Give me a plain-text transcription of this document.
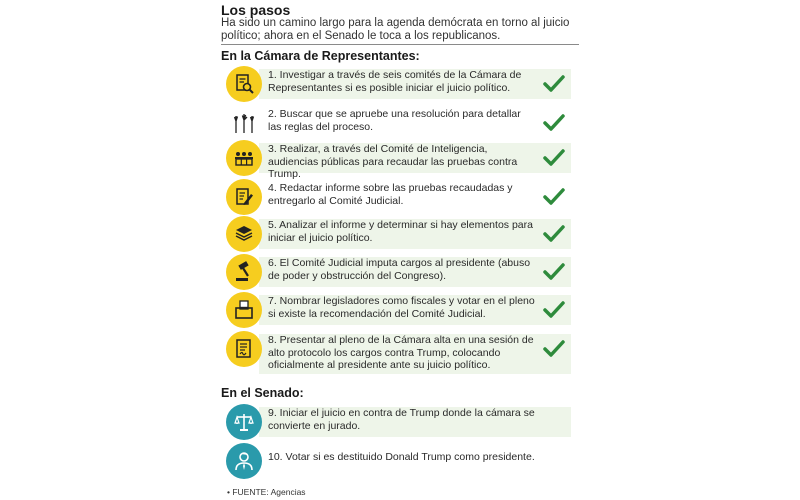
Los pasos
Ha sido un camino largo para la agenda demócrata en torno al juicio político; ahora en el Senado le toca a los republicanos.
En la Cámara de Representantes:
1. Investigar a través de seis comités de la Cámara de Representantes si es posible iniciar el juicio político.
2. Buscar que se apruebe una resolución para detallar las reglas del proceso.
3. Realizar, a través del Comité de Inteligencia, audiencias públicas para recaudar las pruebas contra Trump.
4. Redactar informe sobre las pruebas recaudadas y entregarlo al Comité Judicial.
5. Analizar el informe y determinar si hay elementos para iniciar el juicio político.
6. El Comité Judicial imputa cargos al presidente (abuso de poder y obstrucción del Congreso).
7. Nombrar legisladores como fiscales y votar en el pleno si existe la recomendación del Comité Judicial.
8. Presentar al pleno de la Cámara alta en una sesión de alto protocolo los cargos contra Trump, colocando oficialmente al presidente ante su juicio político.
En el Senado:
9. Iniciar el juicio en contra de Trump donde la cámara se convierte en jurado.
10. Votar si es destituido Donald Trump como presidente.
• FUENTE: Agencias
